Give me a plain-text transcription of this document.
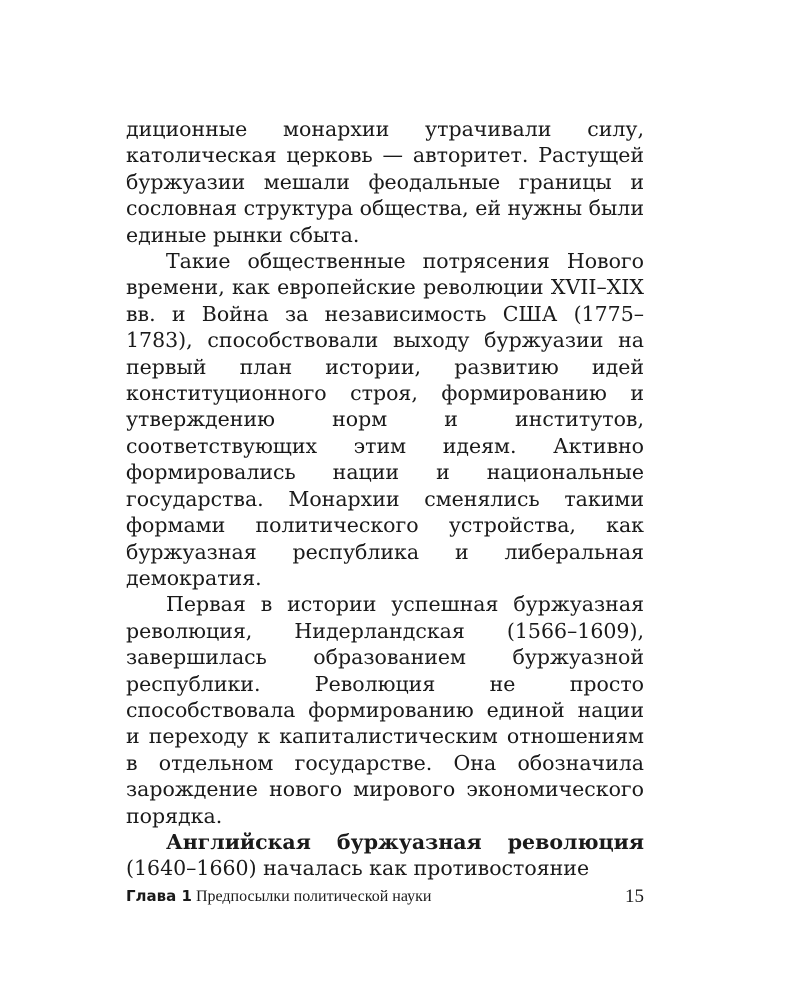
диционные монархии утрачивали силу, католическая церковь — авторитет. Растущей буржуазии мешали феодальные границы и сословная структура общества, ей нужны были единые рынки сбыта.

Такие общественные потрясения Нового времени, как европейские революции XVII–XIX вв. и Война за независимость США (1775–1783), способствовали выходу буржуазии на первый план истории, развитию идей конституционного строя, формированию и утверждению норм и институтов, соответствующих этим идеям. Активно формировались нации и национальные государства. Монархии сменялись такими формами политического устройства, как буржуазная республика и либеральная демократия.

Первая в истории успешная буржуазная революция, Нидерландская (1566–1609), завершилась образованием буржуазной республики. Революция не просто способствовала формированию единой нации и переходу к капиталистическим отношениям в отдельном государстве. Она обозначила зарождение нового мирового экономического порядка.

Английская буржуазная революция (1640–1660) началась как противостояние

Глава 1 Предпосылки политической науки	15
